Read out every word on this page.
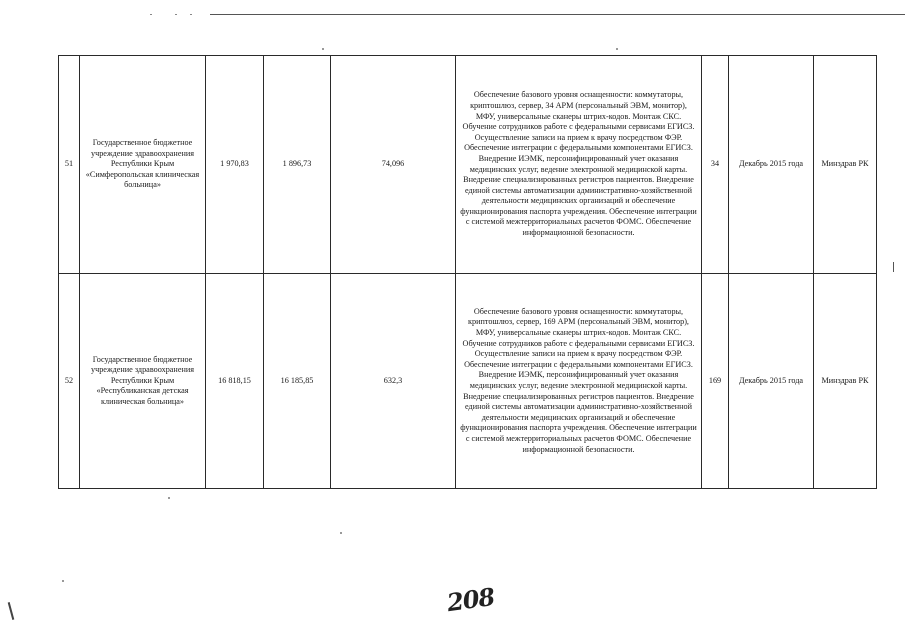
51	Государственное бюджетное учреждение здравоохранения Республики Крым «Симферопольская клиническая больница»	1 970,83	1 896,73	74,096	Обеспечение базового уровня оснащенности: коммутаторы, криптошлюз, сервер, 34 АРМ (персональный ЭВМ, монитор), МФУ, универсальные сканеры штрих-кодов. Монтаж СКС. Обучение сотрудников работе с федеральными сервисами ЕГИСЗ. Осуществление записи на прием к врачу посредством ФЭР. Обеспечение интеграции с федеральными компонентами ЕГИСЗ. Внедрение ИЭМК, персонифицированный учет оказания медицинских услуг, ведение электронной медицинской карты. Внедрение специализированных регистров пациентов. Внедрение единой системы автоматизации административно-хозяйственной деятельности медицинских организаций и обеспечение функционирования паспорта учреждения. Обеспечение интеграции с системой межтерриториальных расчетов ФОМС. Обеспечение информационной безопасности.	34	Декабрь 2015 года	Минздрав РК
52	Государственное бюджетное учреждение здравоохранения Республики Крым «Республиканская детская клиническая больница»	16 818,15	16 185,85	632,3	Обеспечение базового уровня оснащенности: коммутаторы, криптошлюз, сервер, 169 АРМ (персональный ЭВМ, монитор), МФУ, универсальные сканеры штрих-кодов. Монтаж СКС. Обучение сотрудников работе с федеральными сервисами ЕГИСЗ. Осуществление записи на прием к врачу посредством ФЭР. Обеспечение интеграции с федеральными компонентами ЕГИСЗ. Внедрение ИЭМК, персонифицированный учет оказания медицинских услуг, ведение электронной медицинской карты. Внедрение специализированных регистров пациентов. Внедрение единой системы автоматизации административно-хозяйственной деятельности медицинских организаций и обеспечение функционирования паспорта учреждения. Обеспечение интеграции с системой межтерриториальных расчетов ФОМС. Обеспечение информационной безопасности.	169	Декабрь 2015 года	Минздрав РК
208
